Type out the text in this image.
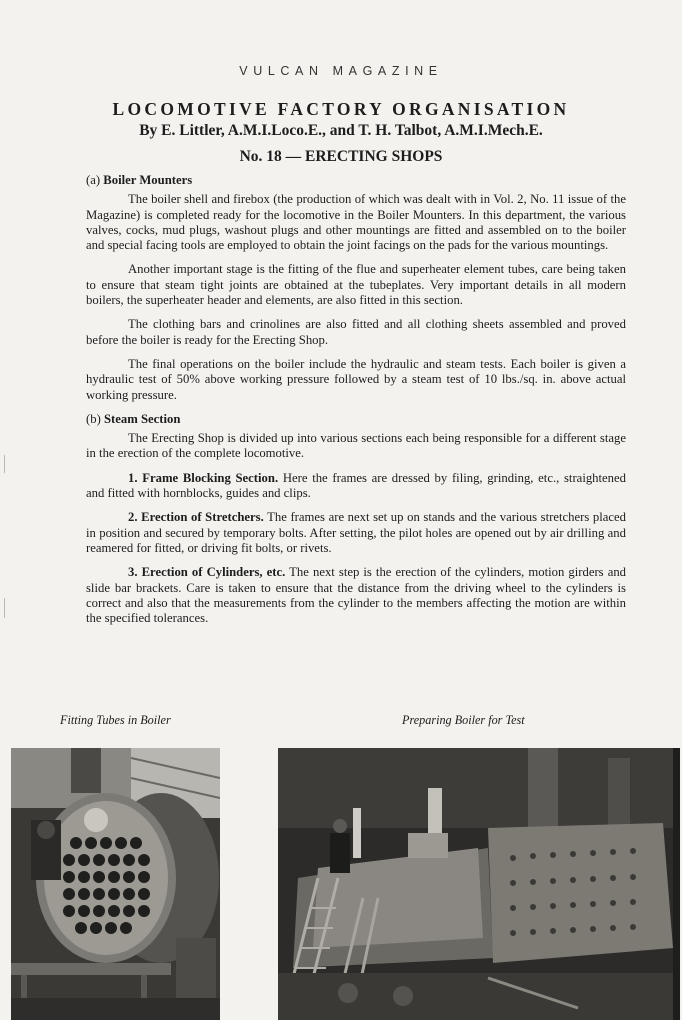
VULCAN MAGAZINE
LOCOMOTIVE FACTORY ORGANISATION
By E. Littler, A.M.I.Loco.E., and T. H. Talbot, A.M.I.Mech.E.
No. 18 — ERECTING SHOPS
(a) Boiler Mounters

The boiler shell and firebox (the production of which was dealt with in Vol. 2, No. 11 issue of the Magazine) is completed ready for the locomotive in the Boiler Mounters. In this department, the various valves, cocks, mud plugs, washout plugs and other mountings are fitted and assembled on to the boiler and special facing tools are employed to obtain the joint facings on the pads for the various mountings.

Another important stage is the fitting of the flue and superheater element tubes, care being taken to ensure that steam tight joints are obtained at the tubeplates. Very important details in all modern boilers, the superheater header and elements, are also fitted in this section.

The clothing bars and crinolines are also fitted and all clothing sheets assembled and proved before the boiler is ready for the Erecting Shop.

The final operations on the boiler include the hydraulic and steam tests. Each boiler is given a hydraulic test of 50% above working pressure followed by a steam test of 10 lbs./sq. in. above actual working pressure.

(b) Steam Section

The Erecting Shop is divided up into various sections each being responsible for a different stage in the erection of the complete locomotive.

1. Frame Blocking Section. Here the frames are dressed by filing, grinding, etc., straightened and fitted with hornblocks, guides and clips.

2. Erection of Stretchers. The frames are next set up on stands and the various stretchers placed in position and secured by temporary bolts. After setting, the pilot holes are opened out by air drilling and reamered for fitted, or driving fit bolts, or rivets.

3. Erection of Cylinders, etc. The next step is the erection of the cylinders, motion girders and slide bar brackets. Care is taken to ensure that the distance from the driving wheel to the cylinders is correct and also that the measurements from the cylinder to the members affecting the motion are within the specified tolerances.

Fitting Tubes in Boiler	Preparing Boiler for Test
